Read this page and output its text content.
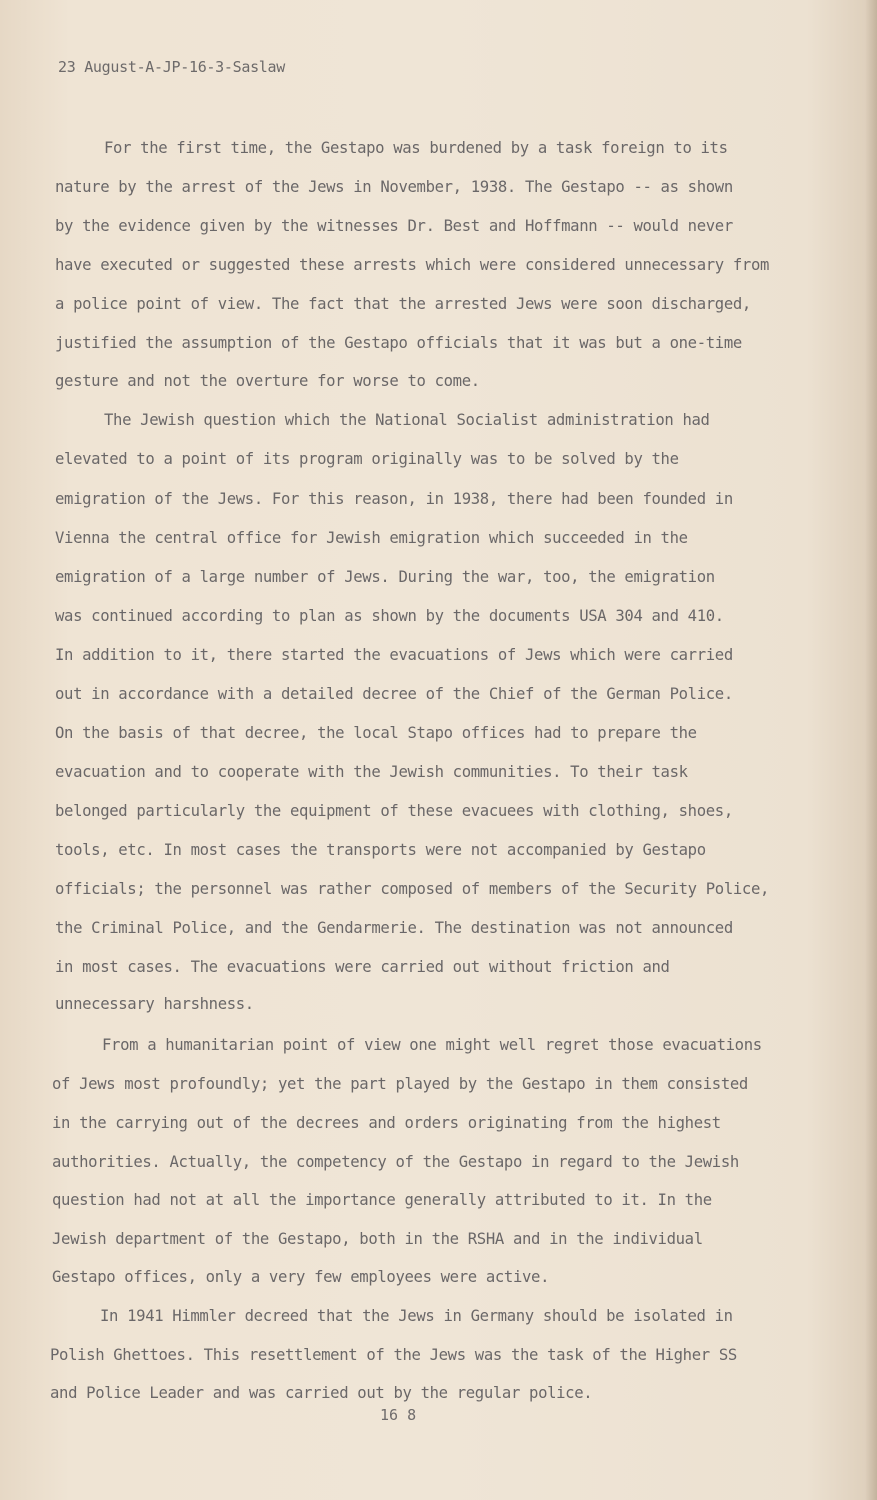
23 August-A-JP-16-3-Saslaw
For the first time, the Gestapo was burdened by a task foreign to its
nature by the arrest of the Jews in November, 1938. The Gestapo -- as shown
by the evidence given by the witnesses Dr. Best and Hoffmann -- would never
have executed or suggested these arrests which were considered unnecessary from
a police point of view. The fact that the arrested Jews were soon discharged,
justified the assumption of the Gestapo officials that it was but a one-time
gesture and not the overture for worse to come.
The Jewish question which the National Socialist administration had
elevated to a point of its program originally was to be solved by the
emigration of the Jews. For this reason, in 1938, there had been founded in
Vienna the central office for Jewish emigration which succeeded in the
emigration of a large number of Jews. During the war, too, the emigration
was continued according to plan as shown by the documents USA 304 and 410.
In addition to it, there started the evacuations of Jews which were carried
out in accordance with a detailed decree of the Chief of the German Police.
On the basis of that decree, the local Stapo offices had to prepare the
evacuation and to cooperate with the Jewish communities. To their task
belonged particularly the equipment of these evacuees with clothing, shoes,
tools, etc. In most cases the transports were not accompanied by Gestapo
officials; the personnel was rather composed of members of the Security Police,
the Criminal Police, and the Gendarmerie. The destination was not announced
in most cases. The evacuations were carried out without friction and
unnecessary harshness.
From a humanitarian point of view one might well regret those evacuations
of Jews most profoundly; yet the part played by the Gestapo in them consisted
in the carrying out of the decrees and orders originating from the highest
authorities. Actually, the competency of the Gestapo in regard to the Jewish
question had not at all the importance generally attributed to it. In the
Jewish department of the Gestapo, both in the RSHA and in the individual
Gestapo offices, only a very few employees were active.
In 1941 Himmler decreed that the Jews in Germany should be isolated in
Polish Ghettoes. This resettlement of the Jews was the task of the Higher SS
and Police Leader and was carried out by the regular police.
16 8
